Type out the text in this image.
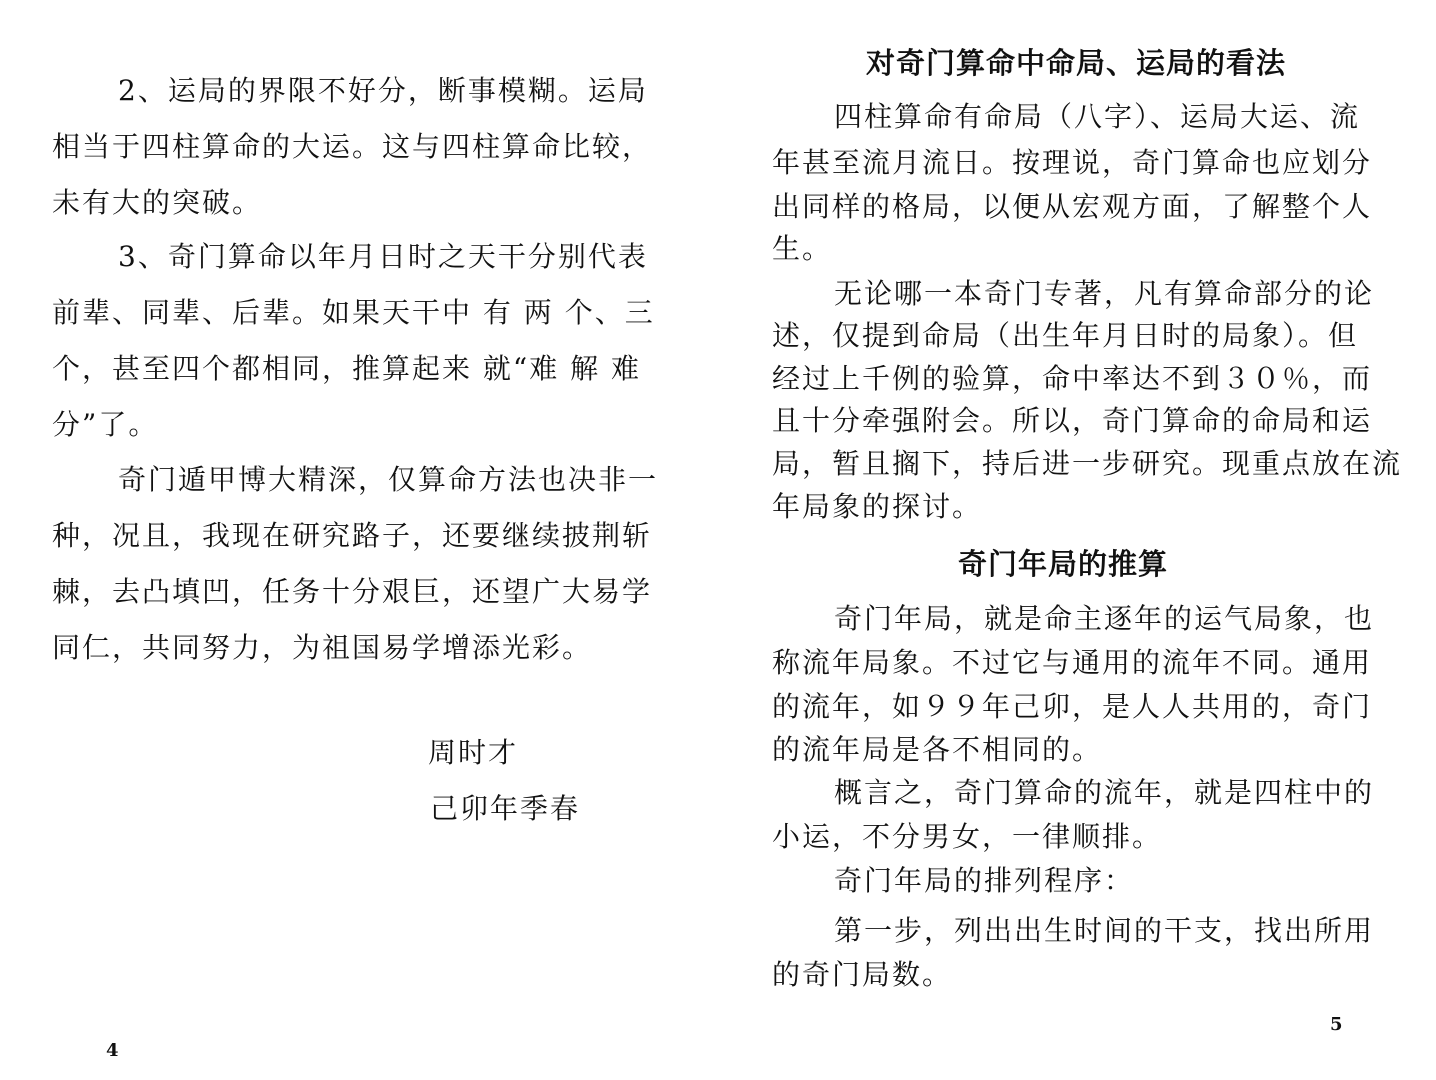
2、运局的界限不好分，断事模糊。运局
相当于四柱算命的大运。这与四柱算命比较，
未有大的突破。
3、奇门算命以年月日时之天干分别代表
前辈、同辈、后辈。如果天干中 有 两 个、三
个，甚至四个都相同，推算起来 就“难 解 难
分”了。
奇门遁甲博大精深，仅算命方法也决非一
种，况且，我现在研究路子，还要继续披荆斩
棘，去凸填凹，任务十分艰巨，还望广大易学
同仁，共同努力，为祖国易学增添光彩。
周时才
己卯年季春
4
对奇门算命中命局、运局的看法
四柱算命有命局（八字）、运局大运、流
年甚至流月流日。按理说，奇门算命也应划分
出同样的格局，以便从宏观方面，了解整个人
生。
无论哪一本奇门专著，凡有算命部分的论
述，仅提到命局（出生年月日时的局象）。但
经过上千例的验算，命中率达不到３０％，而
且十分牵强附会。所以，奇门算命的命局和运
局，暂且搁下，持后进一步研究。现重点放在流
年局象的探讨。
奇门年局的推算
奇门年局，就是命主逐年的运气局象，也
称流年局象。不过它与通用的流年不同。通用
的流年，如９９年己卯，是人人共用的，奇门
的流年局是各不相同的。
概言之，奇门算命的流年，就是四柱中的
小运，不分男女，一律顺排。
奇门年局的排列程序：
第一步，列出出生时间的干支，找出所用
的奇门局数。
5
